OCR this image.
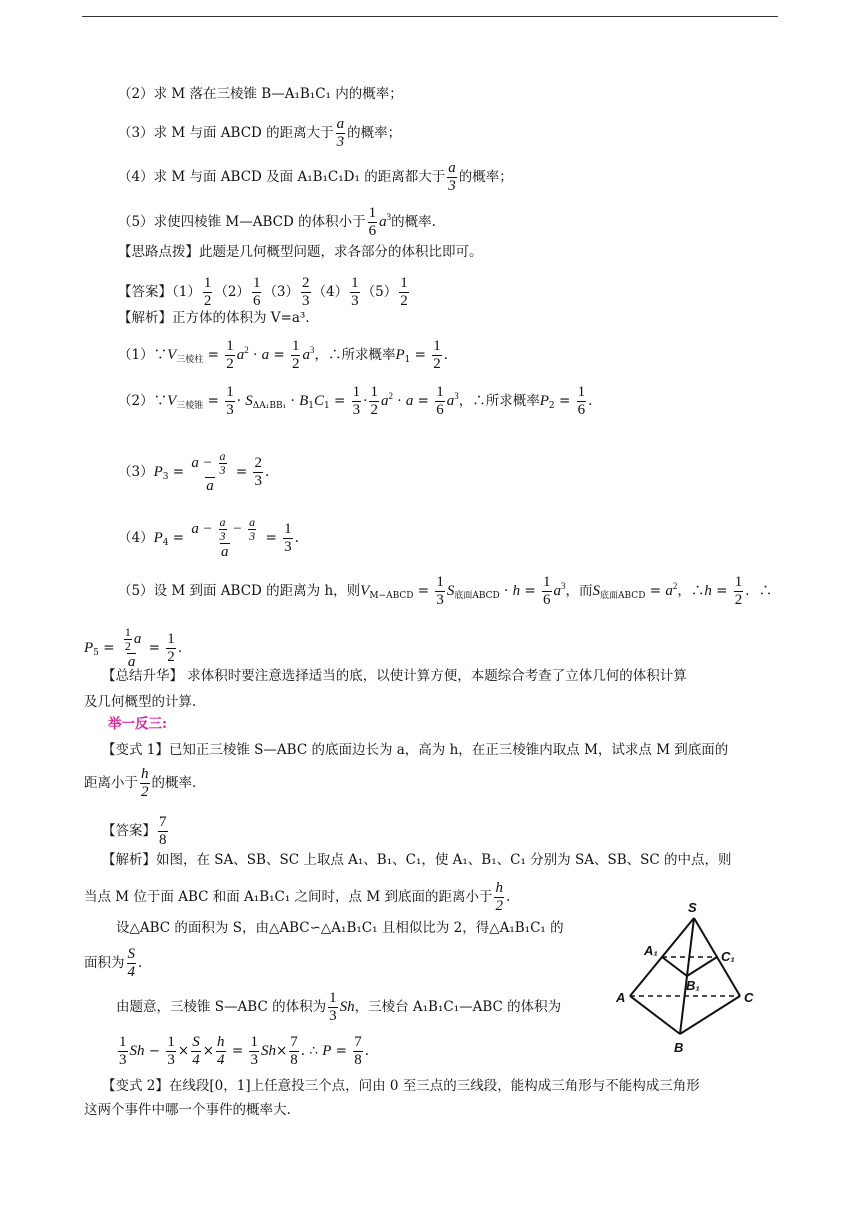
（2）求 M 落在三棱锥 B—A₁B₁C₁ 内的概率；
（3）求 M 与面 ABCD 的距离大于 $\frac{a}{3}$ 的概率；
（4）求 M 与面 ABCD 及面 A₁B₁C₁D₁ 的距离都大于 $\frac{a}{3}$ 的概率；
（5）求使四棱锥 M—ABCD 的体积小于 $\frac{1}{6} a^3$的概率.
【思路点拨】此题是几何概型问题，求各部分的体积比即可。
【答案】$(1) \frac{1}{2} (2) \frac{1}{6} (3) \frac{2}{3} (4) \frac{1}{3} (5) \frac{1}{2}$
【解析】正方体的体积为 V=a³.
$(1)\because V_{三棱柱} = \frac{1}{2} a^2 \cdot a = \frac{1}{2} a^3$，∴所求概率$P_1 = \frac{1}{2}$ .
$(2)\because V_{三棱锥} = \frac{1}{3} \cdot S_{\Delta A_1BB_1} \cdot B_1C_1 = \frac{1}{3} \cdot \frac{1}{2} a^2 \cdot a = \frac{1}{6} a^3$，∴所求概率$P_2 = \frac{1}{6}$ .
$(3)P_3 = \frac{a - \frac{a}{3}}{a} = \frac{2}{3}$ .
$(4)P_4 = \frac{a - \frac{a}{3} - \frac{a}{3}}{a} = \frac{1}{3}$ .
（5）设 M 到面 ABCD 的距离为 h，则$V_{M-ABCD} = \frac{1}{3} S_{底面ABCD} \cdot h = \frac{1}{6} a^3$，而$S_{底面ABCD} = a^2$，∴h = $\frac{1}{2}$ ．∴
$P_5 = \frac{\frac{1}{2} a}{a} = \frac{1}{2}$ .
【总结升华】 求体积时要注意选择适当的底，以使计算方便，本题综合考查了立体几何的体积计算
及几何概型的计算.
举一反三:
【变式 1】已知正三棱锥 S—ABC 的底面边长为 a，高为 h，在正三棱锥内取点 M，试求点 M 到底面的
距离小于 $\frac{h}{2}$ 的概率.
【答案】 $\frac{7}{8}$
【解析】如图，在 SA、SB、SC 上取点 A₁、B₁、C₁，使 A₁、B₁、C₁ 分别为 SA、SB、SC 的中点，则
当点 M 位于面 ABC 和面 A₁B₁C₁ 之间时，点 M 到底面的距离小于 $\frac{h}{2}$ .
设△ABC 的面积为 S，由△ABC∽△A₁B₁C₁ 且相似比为 2，得△A₁B₁C₁ 的
面积为 $\frac{S}{4}$ .
由题意，三棱锥 S—ABC 的体积为 $\frac{1}{3}$ Sh，三棱台 A₁B₁C₁—ABC 的体积为
$\frac{1}{3}$ $Sh - \frac{1}{3} \times \frac{S}{4} \times \frac{h}{4} = \frac{1}{3} Sh\times \frac{7}{8}$ . ∴ $P = \frac{7}{8}$ .
【变式 2】在线段[0，1]上任意投三个点，问由 0 至三点的三线段，能构成三角形与不能构成三角形
这两个事件中哪一个事件的概率大.
S
A₁	C₁
B₁
A	C
B
